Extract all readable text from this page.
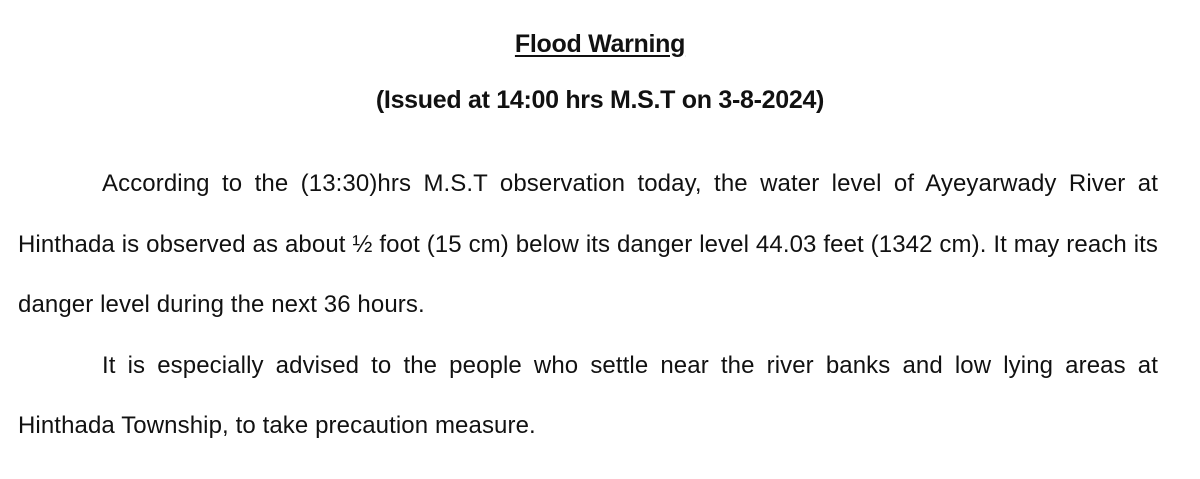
Flood Warning
(Issued at 14:00 hrs M.S.T on 3-8-2024)

According to the (13:30)hrs M.S.T observation today, the water level of Ayeyarwady River at Hinthada is observed as about ½ foot (15 cm) below its danger level 44.03 feet (1342 cm). It may reach its danger level during the next 36 hours.

It is especially advised to the people who settle near the river banks and low lying areas at Hinthada Township, to take precaution measure.
